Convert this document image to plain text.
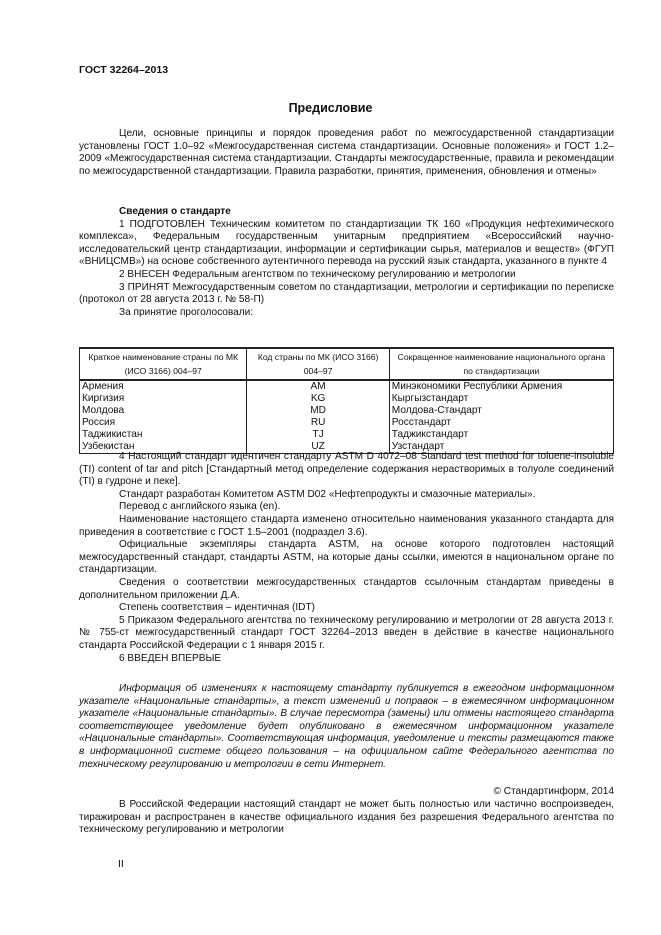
ГОСТ 32264–2013
Предисловие

Цели, основные принципы и порядок проведения работ по межгосударственной стандартизации установлены ГОСТ 1.0–92 «Межгосударственная система стандартизации. Основные положения» и ГОСТ 1.2–2009 «Межгосударственная система стандартизации. Стандарты межгосударственные, правила и рекомендации по межгосударственной стандартизации. Правила разработки, принятия, применения, обновления и отмены»

Сведения о стандарте

1 ПОДГОТОВЛЕН Техническим комитетом по стандартизации ТК 160 «Продукция нефтехимического комплекса», Федеральным государственным унитарным предприятием «Всероссийский научно-исследовательский центр стандартизации, информации и сертификации сырья, материалов и веществ» (ФГУП «ВНИЦСМВ») на основе собственного аутентичного перевода на русский язык стандарта, указанного в пункте 4

2 ВНЕСЕН Федеральным агентством по техническому регулированию и метрологии

3 ПРИНЯТ Межгосударственным советом по стандартизации, метрологии и сертификации по переписке (протокол от 28 августа 2013 г. № 58-П)

За принятие проголосовали:

Краткое наименование страны по МК (ИСО 3166) 004–97	Код страны по МК (ИСО 3166) 004–97	Сокращенное наименование национального органа по стандартизации
Армения	AM	Минэкономики Республики Армения
Киргизия	KG	Кыргызстандарт
Молдова	MD	Молдова-Стандарт
Россия	RU	Росстандарт
Таджикистан	TJ	Таджикстандарт
Узбекистан	UZ	Узстандарт

4 Настоящий стандарт идентичен стандарту ASTM D 4072–08 Standard test method for toluene-insoluble (TI) content of tar and pitch [Стандартный метод определение содержания нерастворимых в толуоле соединений (TI) в гудроне и пеке].

Стандарт разработан Комитетом ASTM D02 «Нефтепродукты и смазочные материалы».

Перевод с английского языка (en).

Наименование настоящего стандарта изменено относительно наименования указанного стандарта для приведения в соответствие с ГОСТ 1.5–2001 (подраздел 3.6).

Официальные экземпляры стандарта ASTM, на основе которого подготовлен настоящий межгосударственный стандарт, стандарты ASTM, на которые даны ссылки, имеются в национальном органе по стандартизации.

Сведения о соответствии межгосударственных стандартов ссылочным стандартам приведены в дополнительном приложении Д.А.

Степень соответствия – идентичная (IDT)

5 Приказом Федерального агентства по техническому регулированию и метрологии от 28 августа 2013 г. № 755-ст межгосударственный стандарт ГОСТ 32264–2013 введен в действие в качестве национального стандарта Российской Федерации с 1 января 2015 г.

6 ВВЕДЕН ВПЕРВЫЕ

Информация об изменениях к настоящему стандарту публикуется в ежегодном информационном указателе «Национальные стандарты», а текст изменений и поправок – в ежемесячном информационном указателе «Национальные стандарты». В случае пересмотра (замены) или отмены настоящего стандарта соответствующее уведомление будет опубликовано в ежемесячном информационном указателе «Национальные стандарты». Соответствующая информация, уведомление и тексты размещаются также в информационной системе общего пользования – на официальном сайте Федерального агентства по техническому регулированию и метрологии в сети Интернет.

© Стандартинформ, 2014

В Российской Федерации настоящий стандарт не может быть полностью или частично воспроизведен, тиражирован и распространен в качестве официального издания без разрешения Федерального агентства по техническому регулированию и метрологии

II
